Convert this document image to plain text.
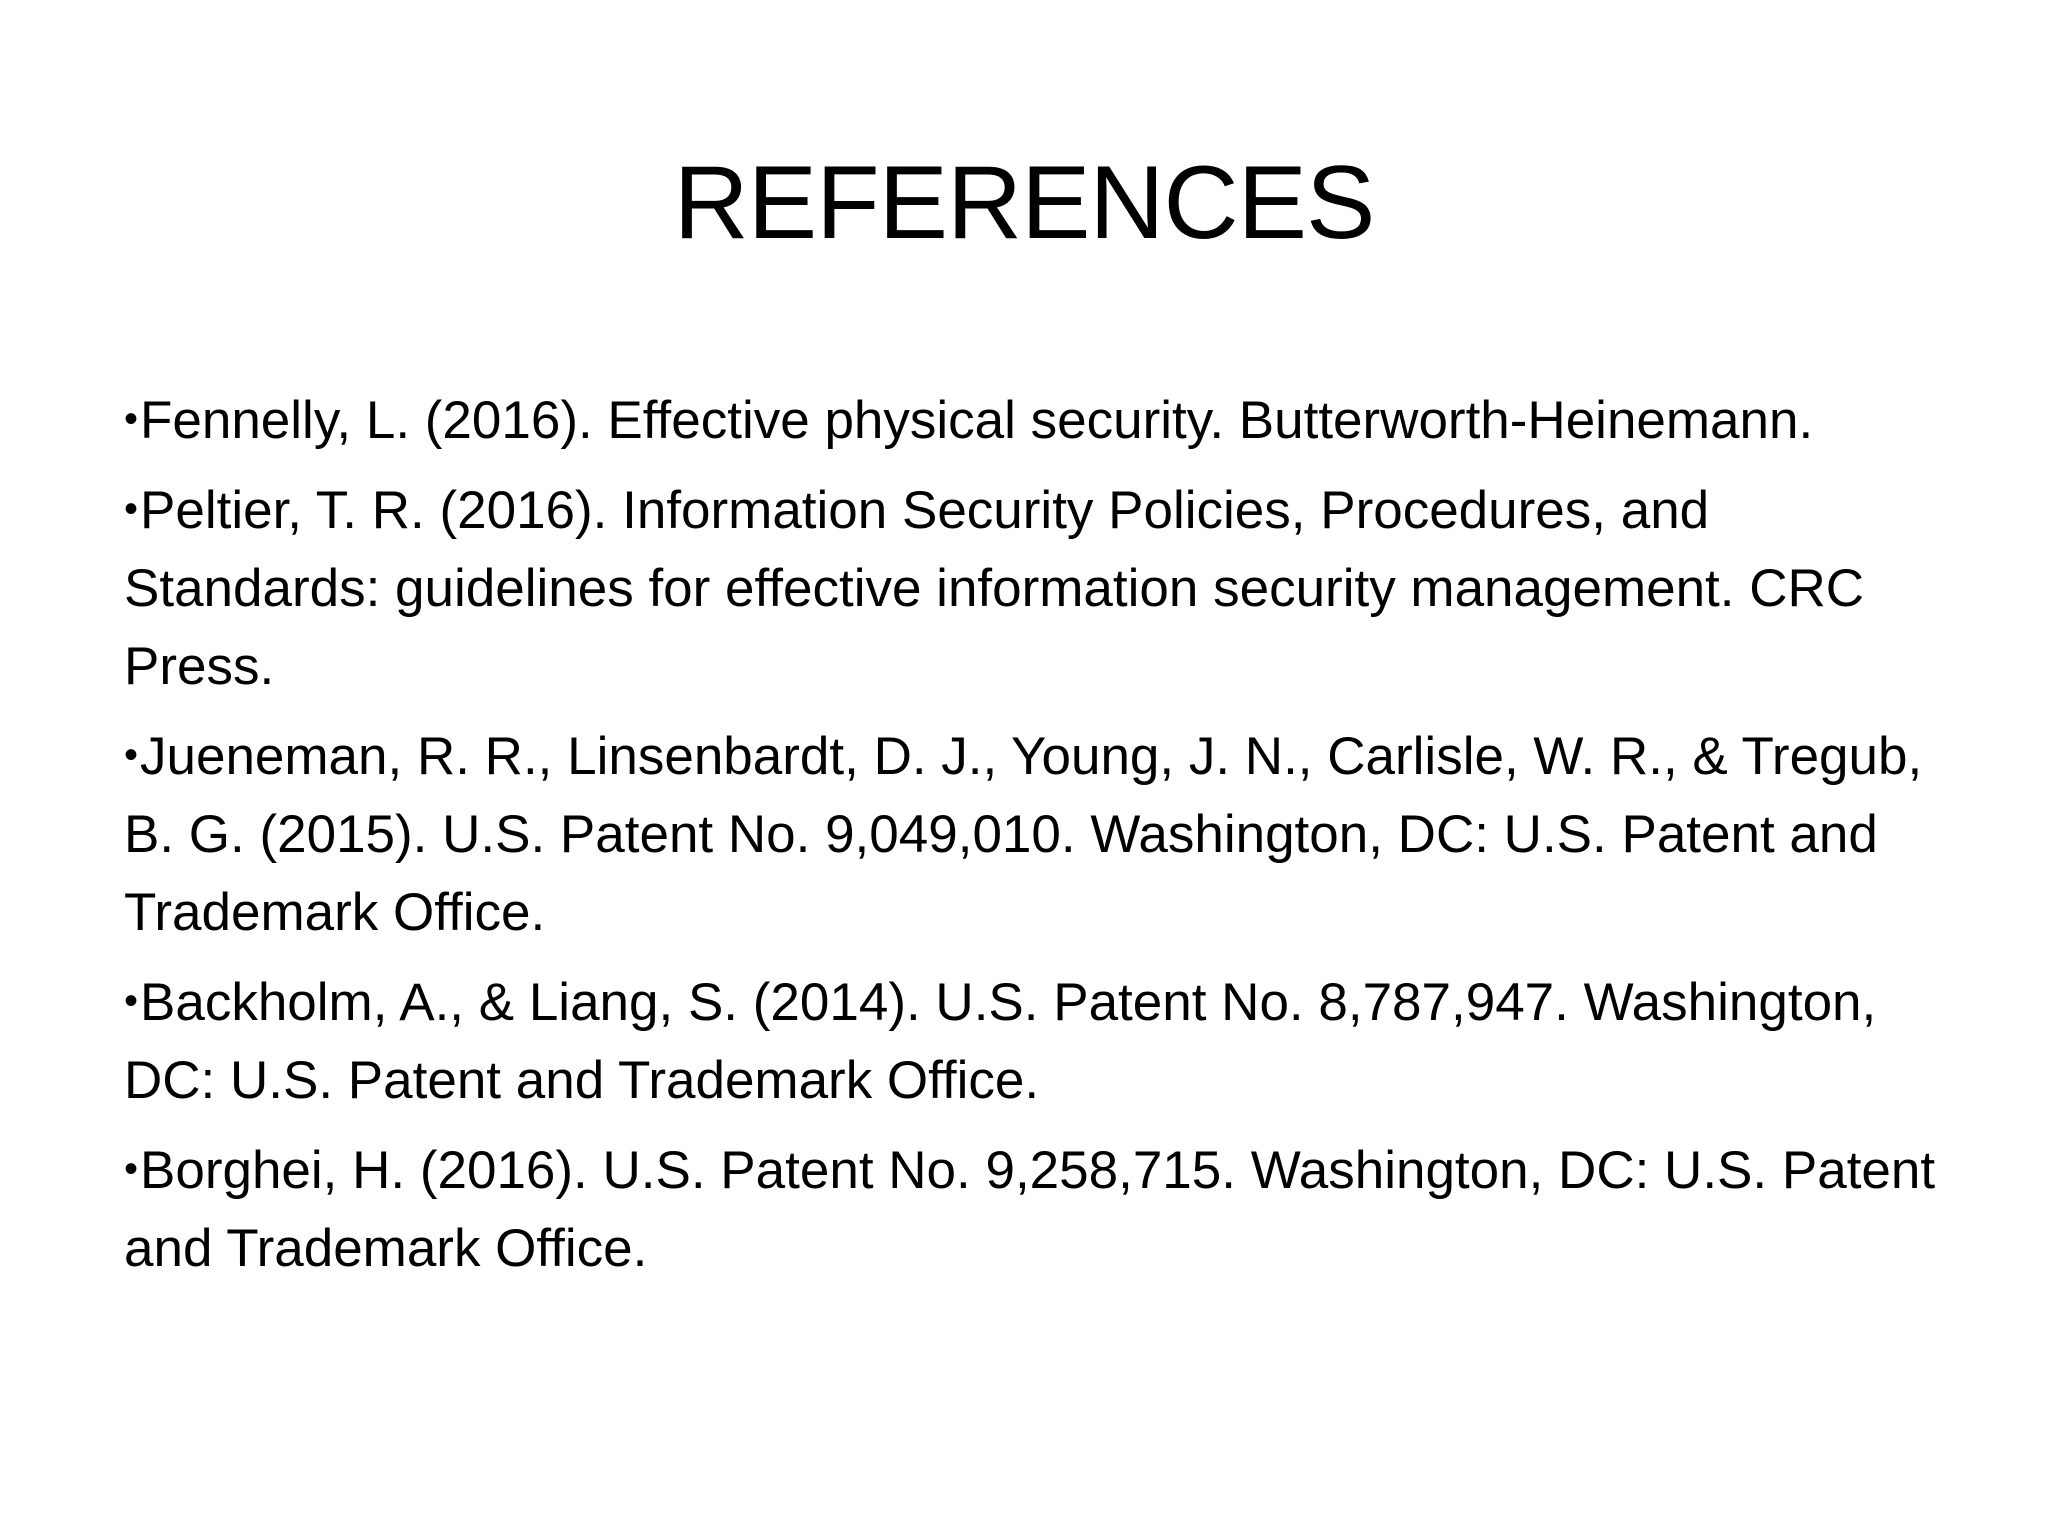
REFERENCES
•Fennelly, L. (2016). Effective physical security. Butterworth-Heinemann.
•Peltier, T. R. (2016). Information Security Policies, Procedures, and Standards: guidelines for effective information security management. CRC Press.
•Jueneman, R. R., Linsenbardt, D. J., Young, J. N., Carlisle, W. R., & Tregub, B. G. (2015). U.S. Patent No. 9,049,010. Washington, DC: U.S. Patent and Trademark Office.
•Backholm, A., & Liang, S. (2014). U.S. Patent No. 8,787,947. Washington, DC: U.S. Patent and Trademark Office.
•Borghei, H. (2016). U.S. Patent No. 9,258,715. Washington, DC: U.S. Patent and Trademark Office.
